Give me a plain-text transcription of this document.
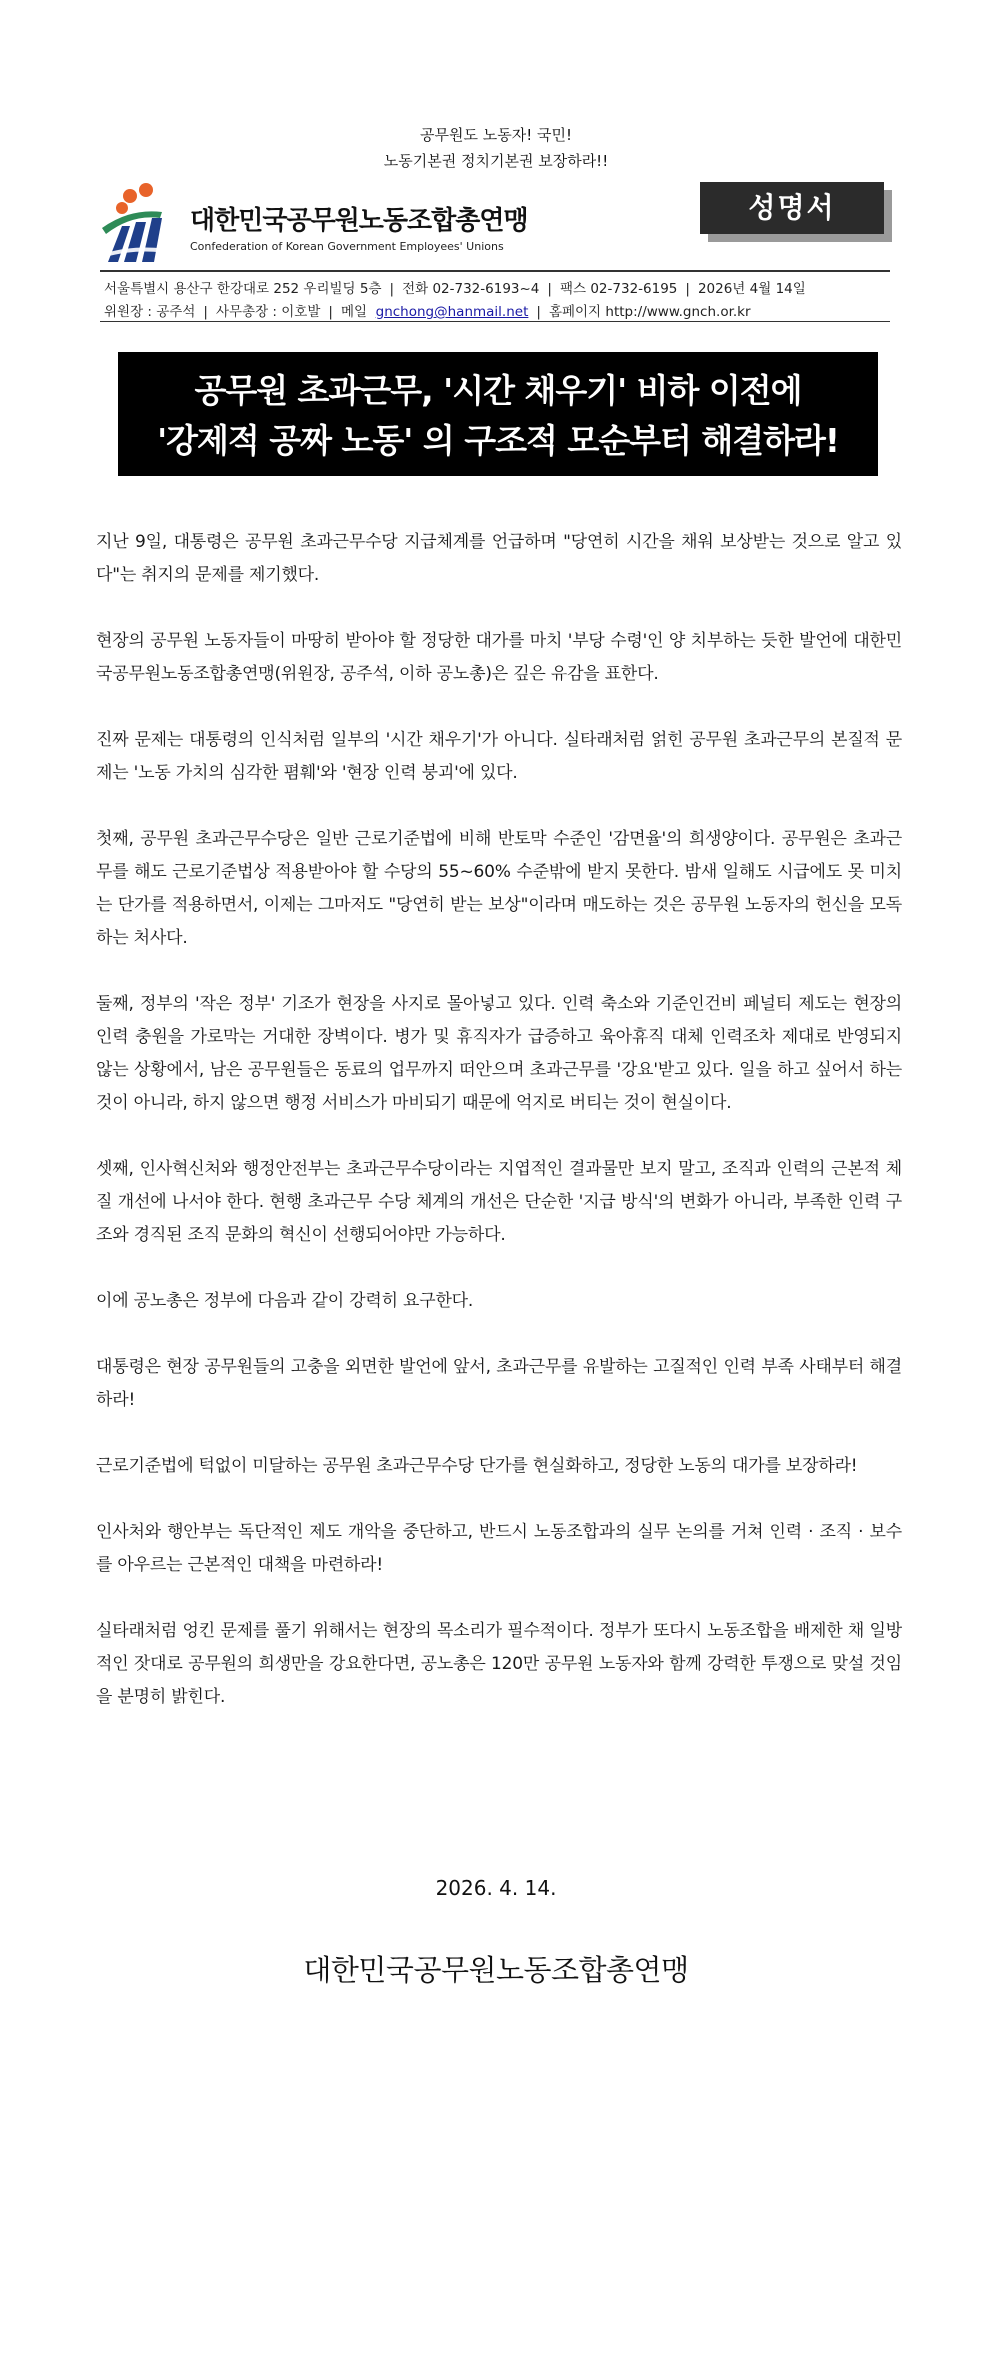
공무원도 노동자! 국민!
노동기본권 정치기본권 보장하라!!
대한민국공무원노동조합총연맹
Confederation of Korean Government Employees' Unions
성명서
서울특별시 용산구 한강대로 252 우리빌딩 5층 | 전화 02-732-6193~4 | 팩스 02-732-6195 | 2026년 4월 14일
위원장 : 공주석 | 사무총장 : 이호발 | 메일 gnchong@hanmail.net | 홈페이지 http://www.gnch.or.kr
공무원 초과근무, '시간 채우기' 비하 이전에
'강제적 공짜 노동' 의 구조적 모순부터 해결하라!

지난 9일, 대통령은 공무원 초과근무수당 지급체계를 언급하며 "당연히 시간을 채워 보상받는 것으로 알고 있다"는 취지의 문제를 제기했다.

현장의 공무원 노동자들이 마땅히 받아야 할 정당한 대가를 마치 '부당 수령'인 양 치부하는 듯한 발언에 대한민국공무원노동조합총연맹(위원장, 공주석, 이하 공노총)은 깊은 유감을 표한다.

진짜 문제는 대통령의 인식처럼 일부의 '시간 채우기'가 아니다. 실타래처럼 얽힌 공무원 초과근무의 본질적 문제는 '노동 가치의 심각한 폄훼'와 '현장 인력 붕괴'에 있다.

첫째, 공무원 초과근무수당은 일반 근로기준법에 비해 반토막 수준인 '감면율'의 희생양이다. 공무원은 초과근무를 해도 근로기준법상 적용받아야 할 수당의 55~60% 수준밖에 받지 못한다. 밤새 일해도 시급에도 못 미치는 단가를 적용하면서, 이제는 그마저도 "당연히 받는 보상"이라며 매도하는 것은 공무원 노동자의 헌신을 모독하는 처사다.

둘째, 정부의 '작은 정부' 기조가 현장을 사지로 몰아넣고 있다. 인력 축소와 기준인건비 페널티 제도는 현장의 인력 충원을 가로막는 거대한 장벽이다. 병가 및 휴직자가 급증하고 육아휴직 대체 인력조차 제대로 반영되지 않는 상황에서, 남은 공무원들은 동료의 업무까지 떠안으며 초과근무를 '강요'받고 있다. 일을 하고 싶어서 하는 것이 아니라, 하지 않으면 행정 서비스가 마비되기 때문에 억지로 버티는 것이 현실이다.

셋째, 인사혁신처와 행정안전부는 초과근무수당이라는 지엽적인 결과물만 보지 말고, 조직과 인력의 근본적 체질 개선에 나서야 한다. 현행 초과근무 수당 체계의 개선은 단순한 '지급 방식'의 변화가 아니라, 부족한 인력 구조와 경직된 조직 문화의 혁신이 선행되어야만 가능하다.

이에 공노총은 정부에 다음과 같이 강력히 요구한다.

대통령은 현장 공무원들의 고충을 외면한 발언에 앞서, 초과근무를 유발하는 고질적인 인력 부족 사태부터 해결하라!

근로기준법에 턱없이 미달하는 공무원 초과근무수당 단가를 현실화하고, 정당한 노동의 대가를 보장하라!

인사처와 행안부는 독단적인 제도 개악을 중단하고, 반드시 노동조합과의 실무 논의를 거쳐 인력 · 조직 · 보수를 아우르는 근본적인 대책을 마련하라!

실타래처럼 엉킨 문제를 풀기 위해서는 현장의 목소리가 필수적이다. 정부가 또다시 노동조합을 배제한 채 일방적인 잣대로 공무원의 희생만을 강요한다면, 공노총은 120만 공무원 노동자와 함께 강력한 투쟁으로 맞설 것임을 분명히 밝힌다.

2026. 4. 14.
대한민국공무원노동조합총연맹
